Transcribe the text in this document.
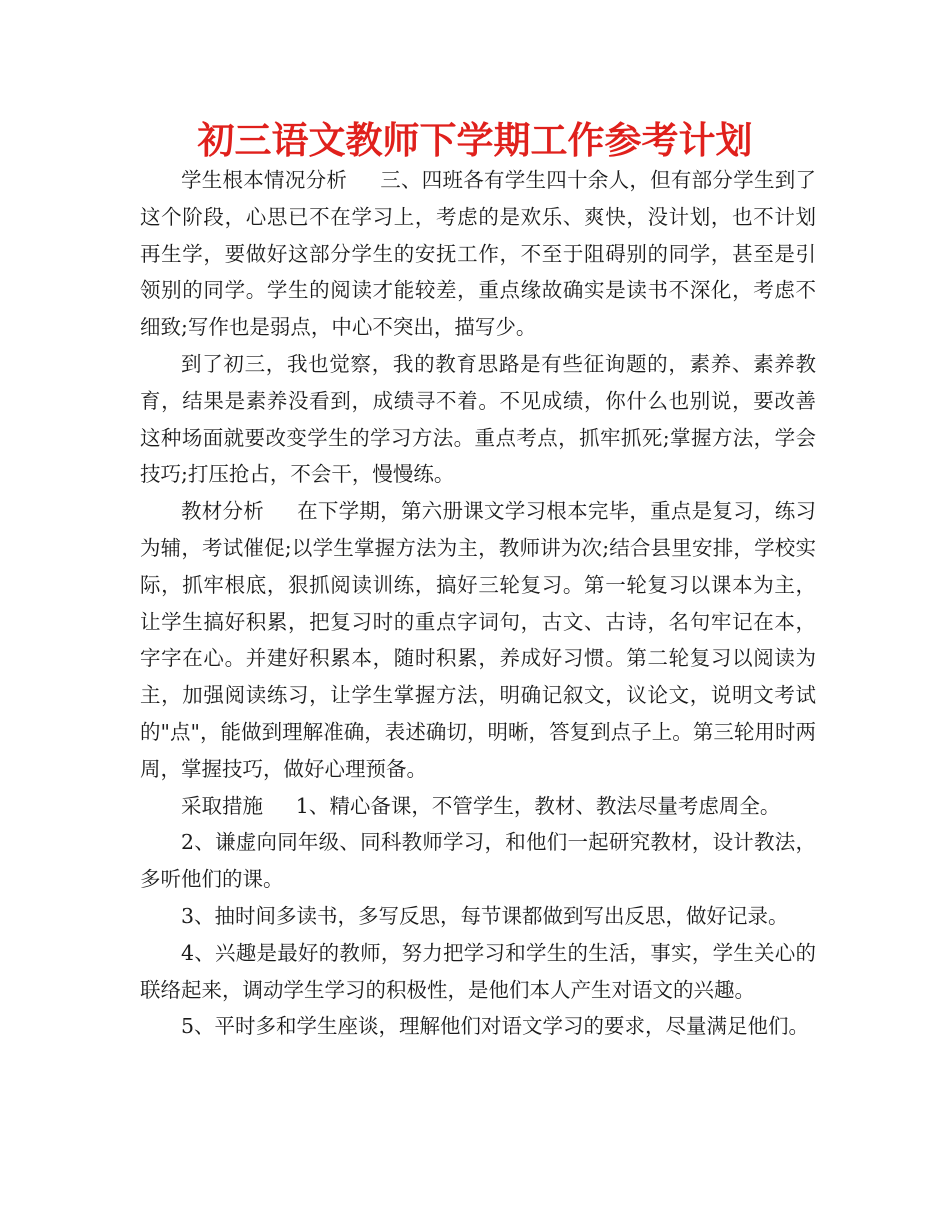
初三语文教师下学期工作参考计划

学生根本情况分析 三、四班各有学生四十余人，但有部分学生到了这个阶段，心思已不在学习上，考虑的是欢乐、爽快，没计划，也不计划再生学，要做好这部分学生的安抚工作，不至于阻碍别的同学，甚至是引领别的同学。学生的阅读才能较差，重点缘故确实是读书不深化，考虑不细致;写作也是弱点，中心不突出，描写少。

到了初三，我也觉察，我的教育思路是有些征询题的，素养、素养教育，结果是素养没看到，成绩寻不着。不见成绩，你什么也别说，要改善这种场面就要改变学生的学习方法。重点考点，抓牢抓死;掌握方法，学会技巧;打压抢占，不会干，慢慢练。

教材分析 在下学期，第六册课文学习根本完毕，重点是复习，练习为辅，考试催促;以学生掌握方法为主，教师讲为次;结合县里安排，学校实际，抓牢根底，狠抓阅读训练，搞好三轮复习。第一轮复习以课本为主，让学生搞好积累，把复习时的重点字词句，古文、古诗，名句牢记在本，字字在心。并建好积累本，随时积累，养成好习惯。第二轮复习以阅读为主，加强阅读练习，让学生掌握方法，明确记叙文，议论文，说明文考试的"点"，能做到理解准确，表述确切，明晰，答复到点子上。第三轮用时两周，掌握技巧，做好心理预备。

采取措施 1、精心备课，不管学生，教材、教法尽量考虑周全。

2、谦虚向同年级、同科教师学习，和他们一起研究教材，设计教法，多听他们的课。

3、抽时间多读书，多写反思，每节课都做到写出反思，做好记录。

4、兴趣是最好的教师，努力把学习和学生的生活，事实，学生关心的联络起来，调动学生学习的积极性，是他们本人产生对语文的兴趣。

5、平时多和学生座谈，理解他们对语文学习的要求，尽量满足他们。
